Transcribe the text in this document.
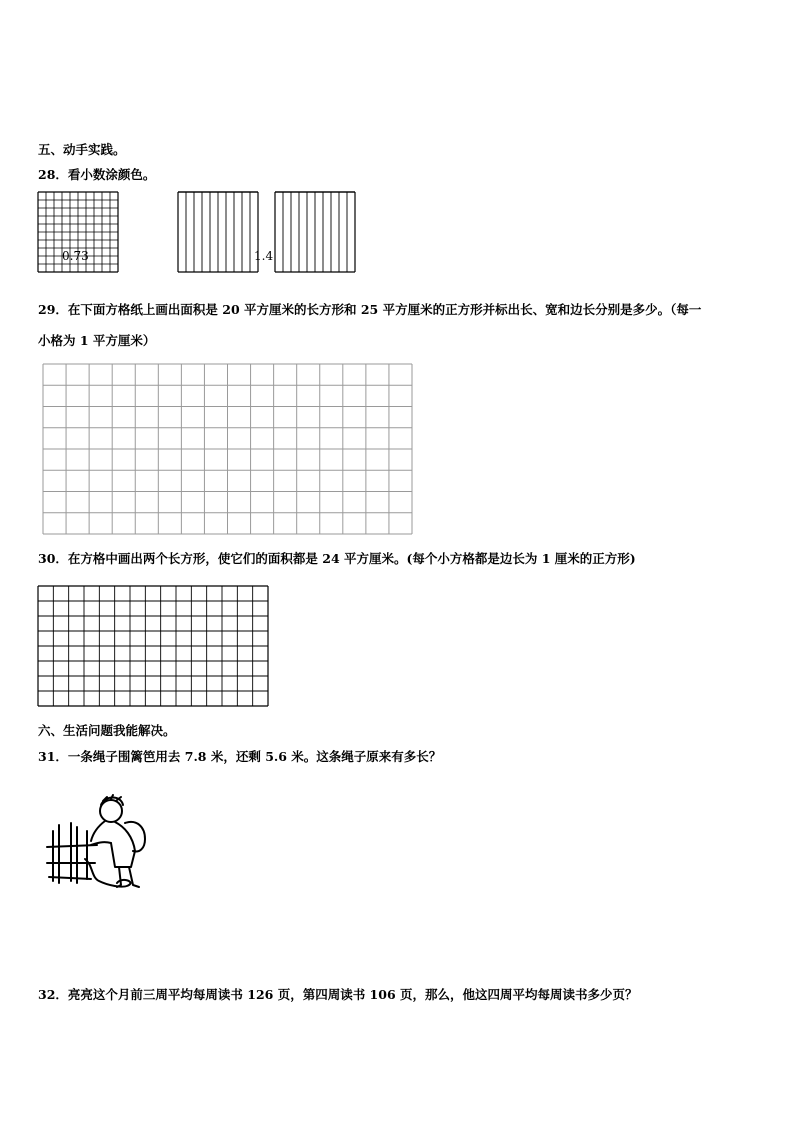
五、动手实践。
28．看小数涂颜色。
0.73	1.4
29．在下面方格纸上画出面积是 20 平方厘米的长方形和 25 平方厘米的正方形并标出长、宽和边长分别是多少。（每一
小格为 1 平方厘米）
30．在方格中画出两个长方形，使它们的面积都是 24 平方厘米。(每个小方格都是边长为 1 厘米的正方形)
六、生活问题我能解决。
31．一条绳子围篱笆用去 7.8 米，还剩 5.6 米。这条绳子原来有多长？
32．亮亮这个月前三周平均每周读书 126 页，第四周读书 106 页，那么，他这四周平均每周读书多少页？
